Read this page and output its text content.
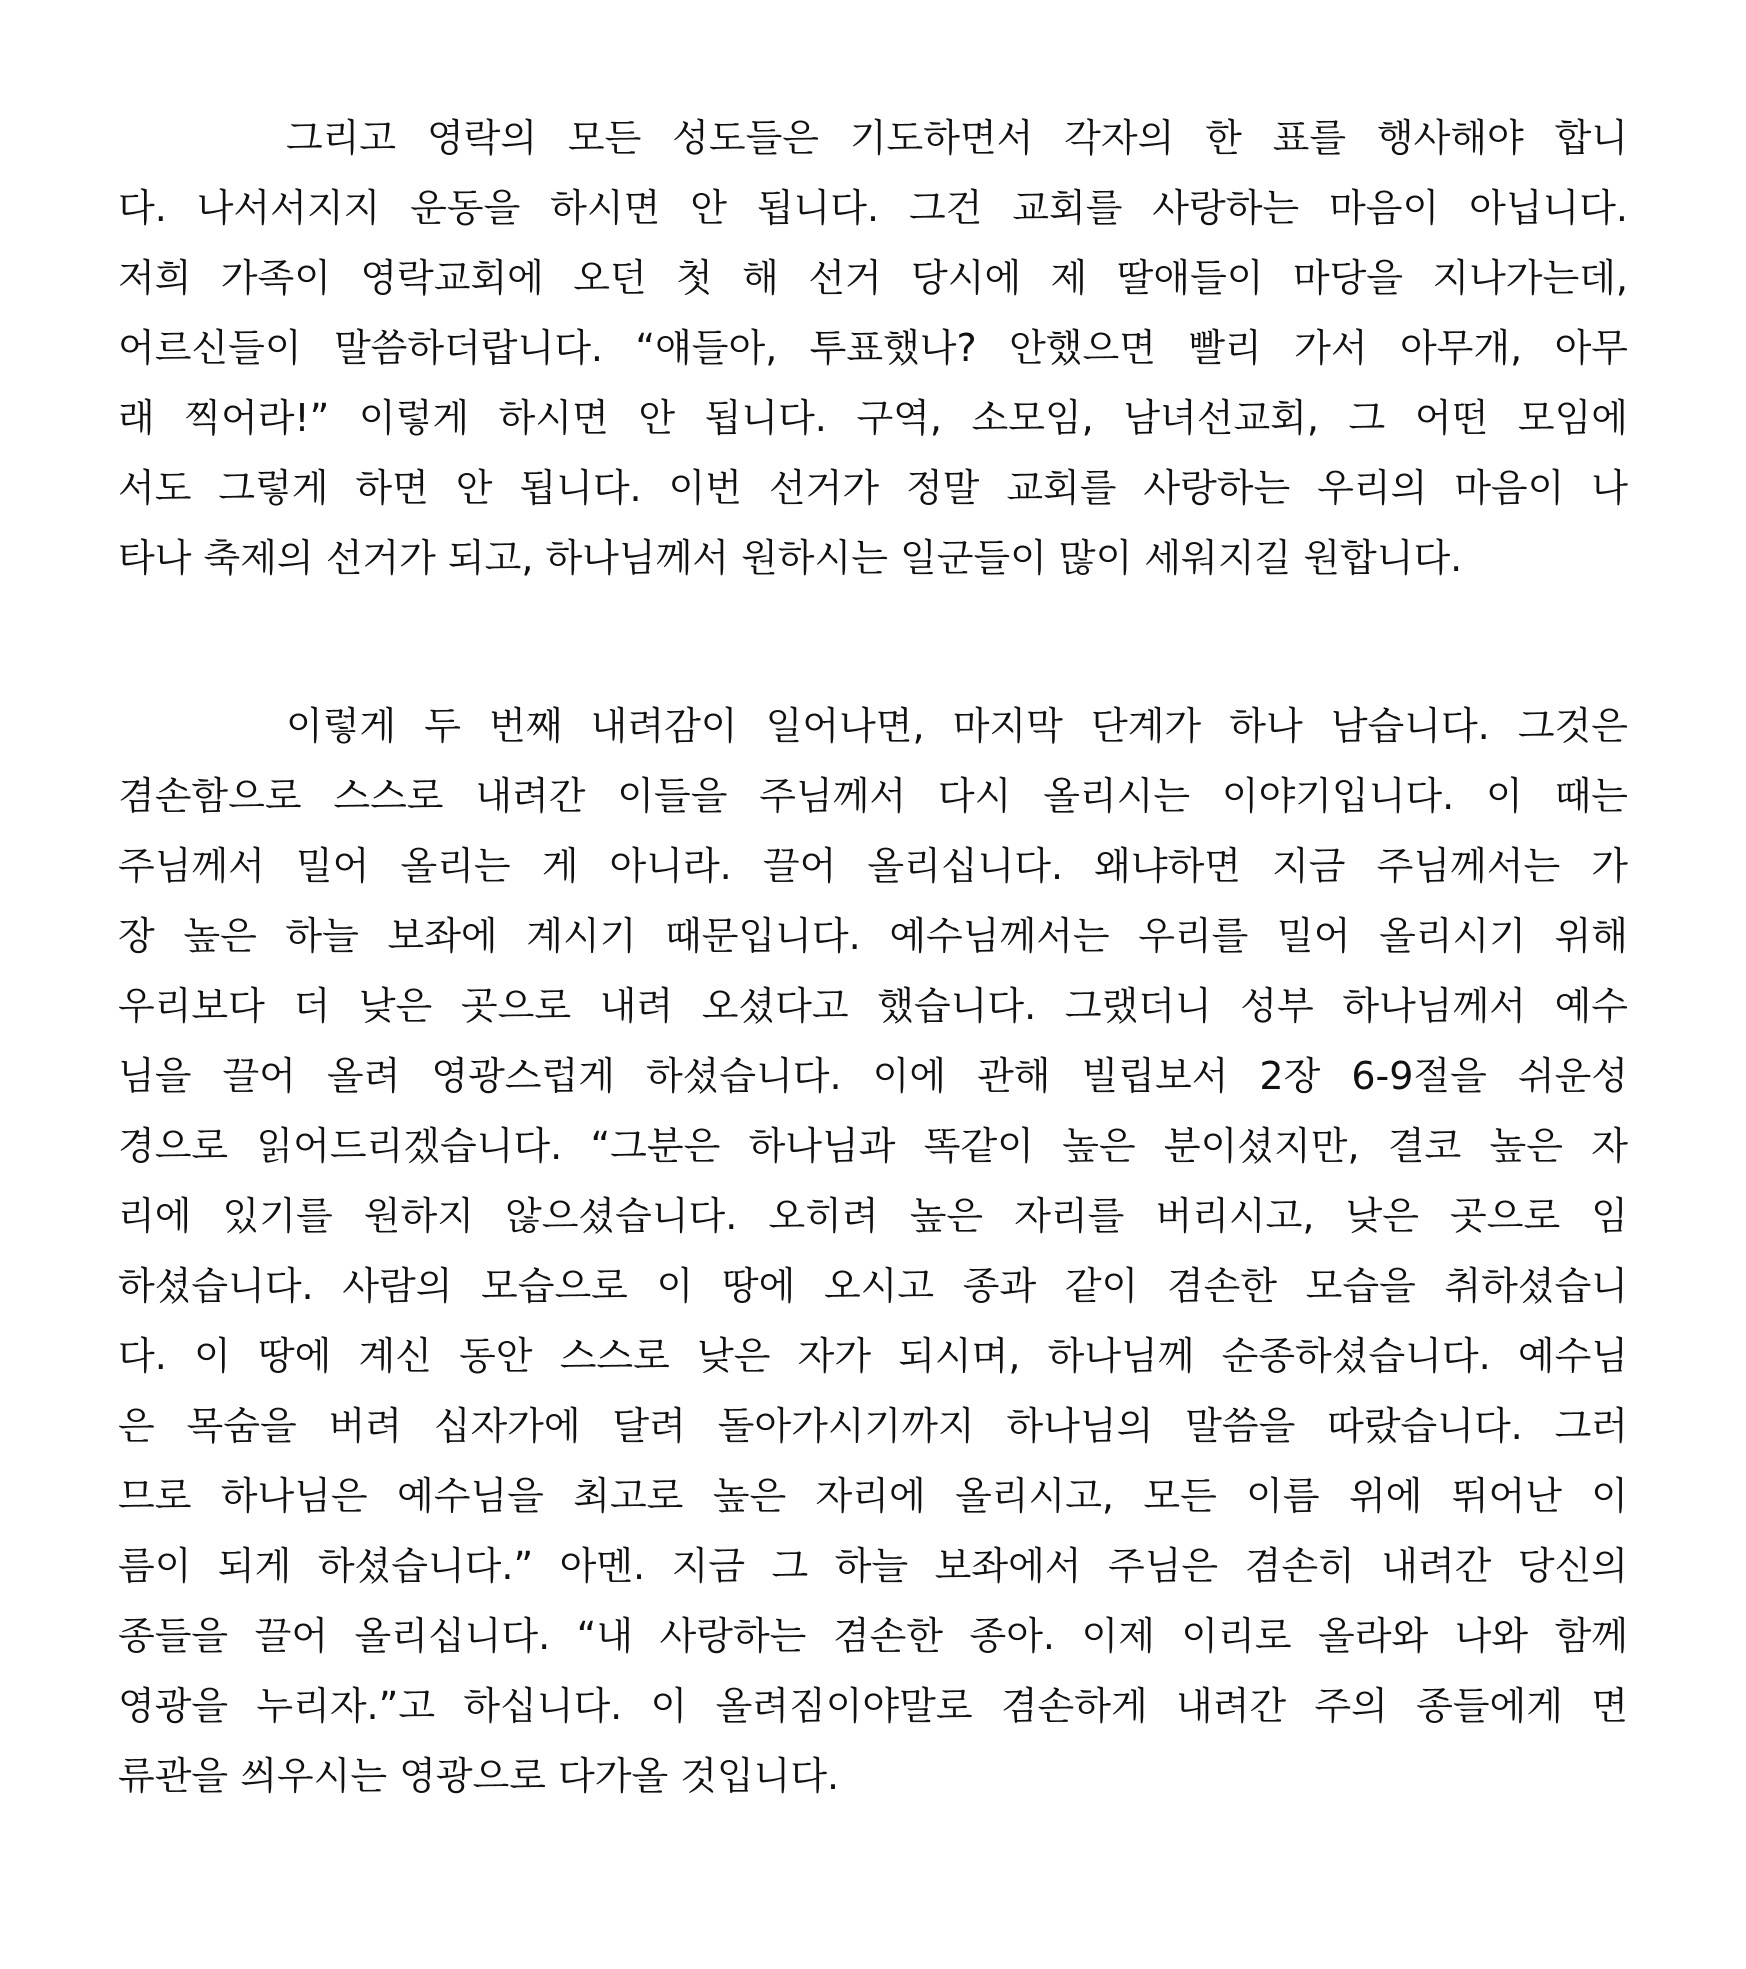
그리고 영락의 모든 성도들은 기도하면서 각자의 한 표를 행사해야 합니
다. 나서서지지 운동을 하시면 안 됩니다. 그건 교회를 사랑하는 마음이 아닙니다.
저희 가족이 영락교회에 오던 첫 해 선거 당시에 제 딸애들이 마당을 지나가는데,
어르신들이 말씀하더랍니다. “얘들아, 투표했나? 안했으면 빨리 가서 아무개, 아무
래 찍어라!” 이렇게 하시면 안 됩니다. 구역, 소모임, 남녀선교회, 그 어떤 모임에
서도 그렇게 하면 안 됩니다. 이번 선거가 정말 교회를 사랑하는 우리의 마음이 나
타나 축제의 선거가 되고, 하나님께서 원하시는 일군들이 많이 세워지길 원합니다.
이렇게 두 번째 내려감이 일어나면, 마지막 단계가 하나 남습니다. 그것은
겸손함으로 스스로 내려간 이들을 주님께서 다시 올리시는 이야기입니다. 이 때는
주님께서 밀어 올리는 게 아니라. 끌어 올리십니다. 왜냐하면 지금 주님께서는 가
장 높은 하늘 보좌에 계시기 때문입니다. 예수님께서는 우리를 밀어 올리시기 위해
우리보다 더 낮은 곳으로 내려 오셨다고 했습니다. 그랬더니 성부 하나님께서 예수
님을 끌어 올려 영광스럽게 하셨습니다. 이에 관해 빌립보서 2장 6-9절을 쉬운성
경으로 읽어드리겠습니다. “그분은 하나님과 똑같이 높은 분이셨지만, 결코 높은 자
리에 있기를 원하지 않으셨습니다. 오히려 높은 자리를 버리시고, 낮은 곳으로 임
하셨습니다. 사람의 모습으로 이 땅에 오시고 종과 같이 겸손한 모습을 취하셨습니
다. 이 땅에 계신 동안 스스로 낮은 자가 되시며, 하나님께 순종하셨습니다. 예수님
은 목숨을 버려 십자가에 달려 돌아가시기까지 하나님의 말씀을 따랐습니다. 그러
므로 하나님은 예수님을 최고로 높은 자리에 올리시고, 모든 이름 위에 뛰어난 이
름이 되게 하셨습니다.” 아멘. 지금 그 하늘 보좌에서 주님은 겸손히 내려간 당신의
종들을 끌어 올리십니다. “내 사랑하는 겸손한 종아. 이제 이리로 올라와 나와 함께
영광을 누리자.”고 하십니다. 이 올려짐이야말로 겸손하게 내려간 주의 종들에게 면
류관을 씌우시는 영광으로 다가올 것입니다.
